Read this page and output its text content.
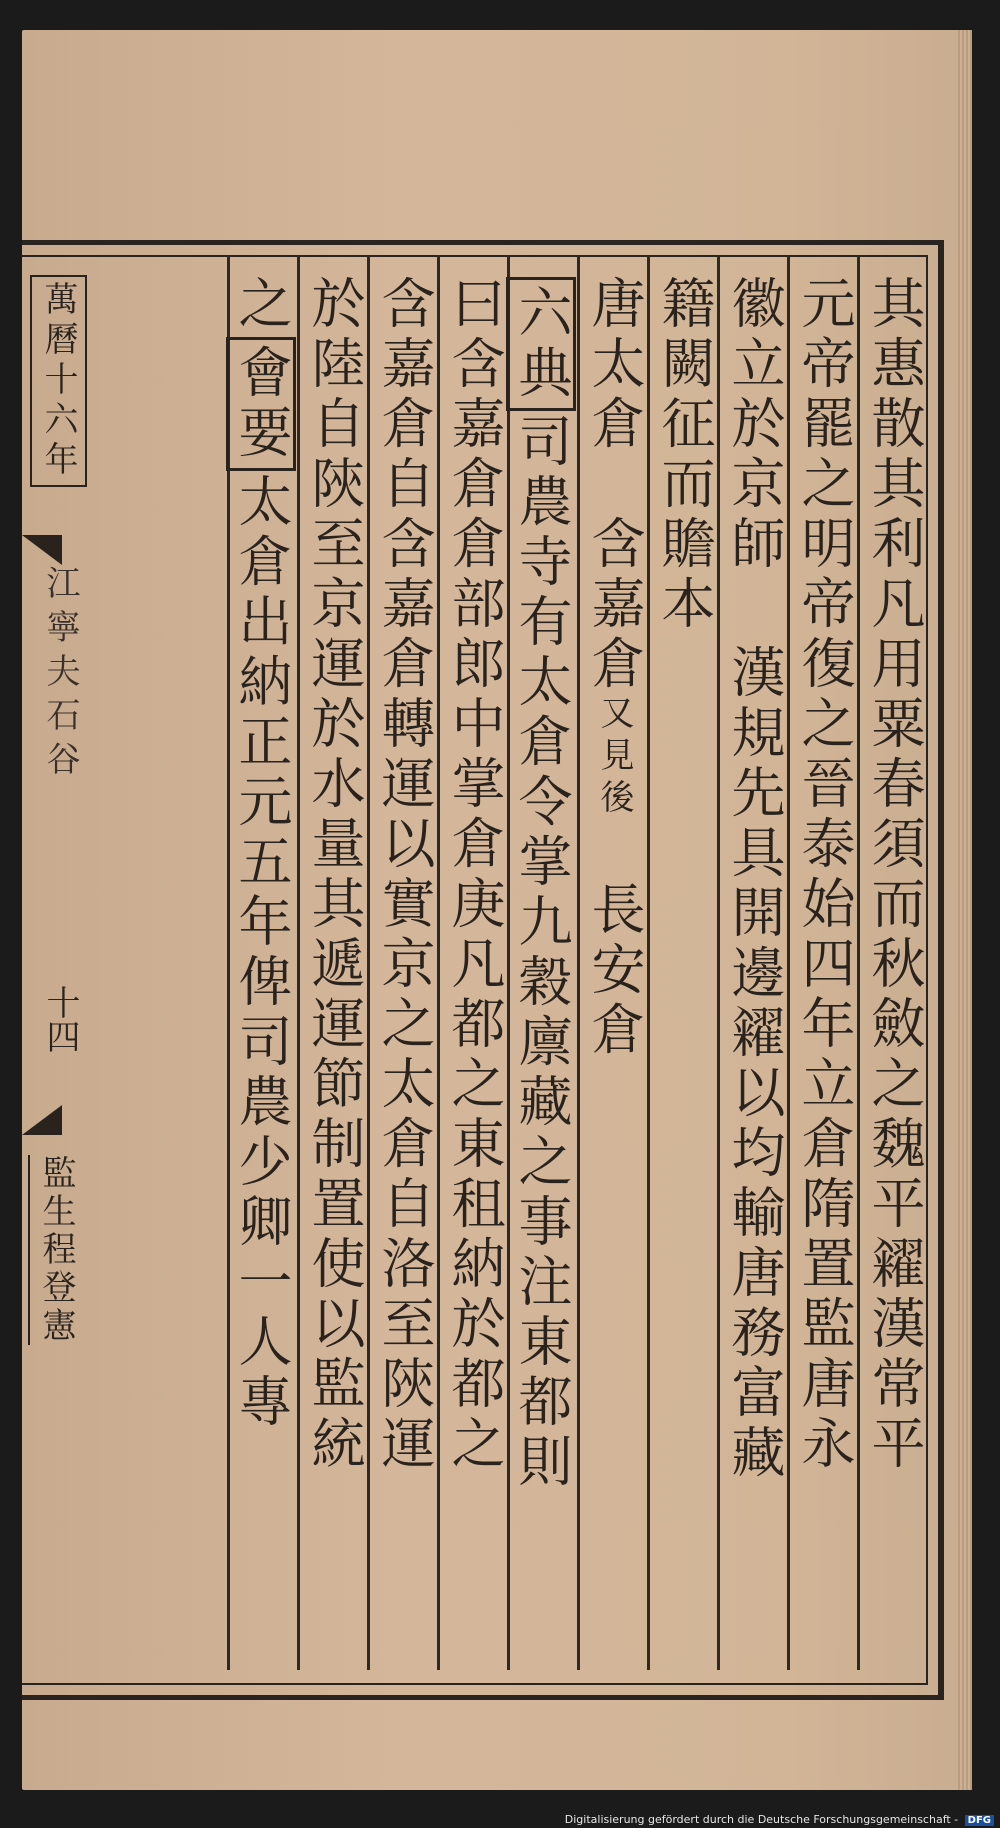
其惠散其利凡用粟春須而秋斂之魏平糴漢常平
元帝罷之明帝復之晉泰始四年立倉隋置監唐永
徽立於京師 漢規先具開邊糴以均輸唐務富藏
籍闕征而贍本
唐太倉　含嘉倉又見後　長安倉
六典司農寺有太倉令掌九穀廪藏之事注東都則
曰含嘉倉倉部郎中掌倉庚凡都之東租納於都之
含嘉倉自含嘉倉轉運以實京之太倉自洛至陝運
於陸自陝至京運於水量其遞運節制置使以監統
之會要太倉出納正元五年俾司農少卿一人專
萬曆十六年
江寧夫石谷
十四
監生程登憲
Digitalisierung gefördert durch die Deutsche Forschungsgemeinschaft - DFG
